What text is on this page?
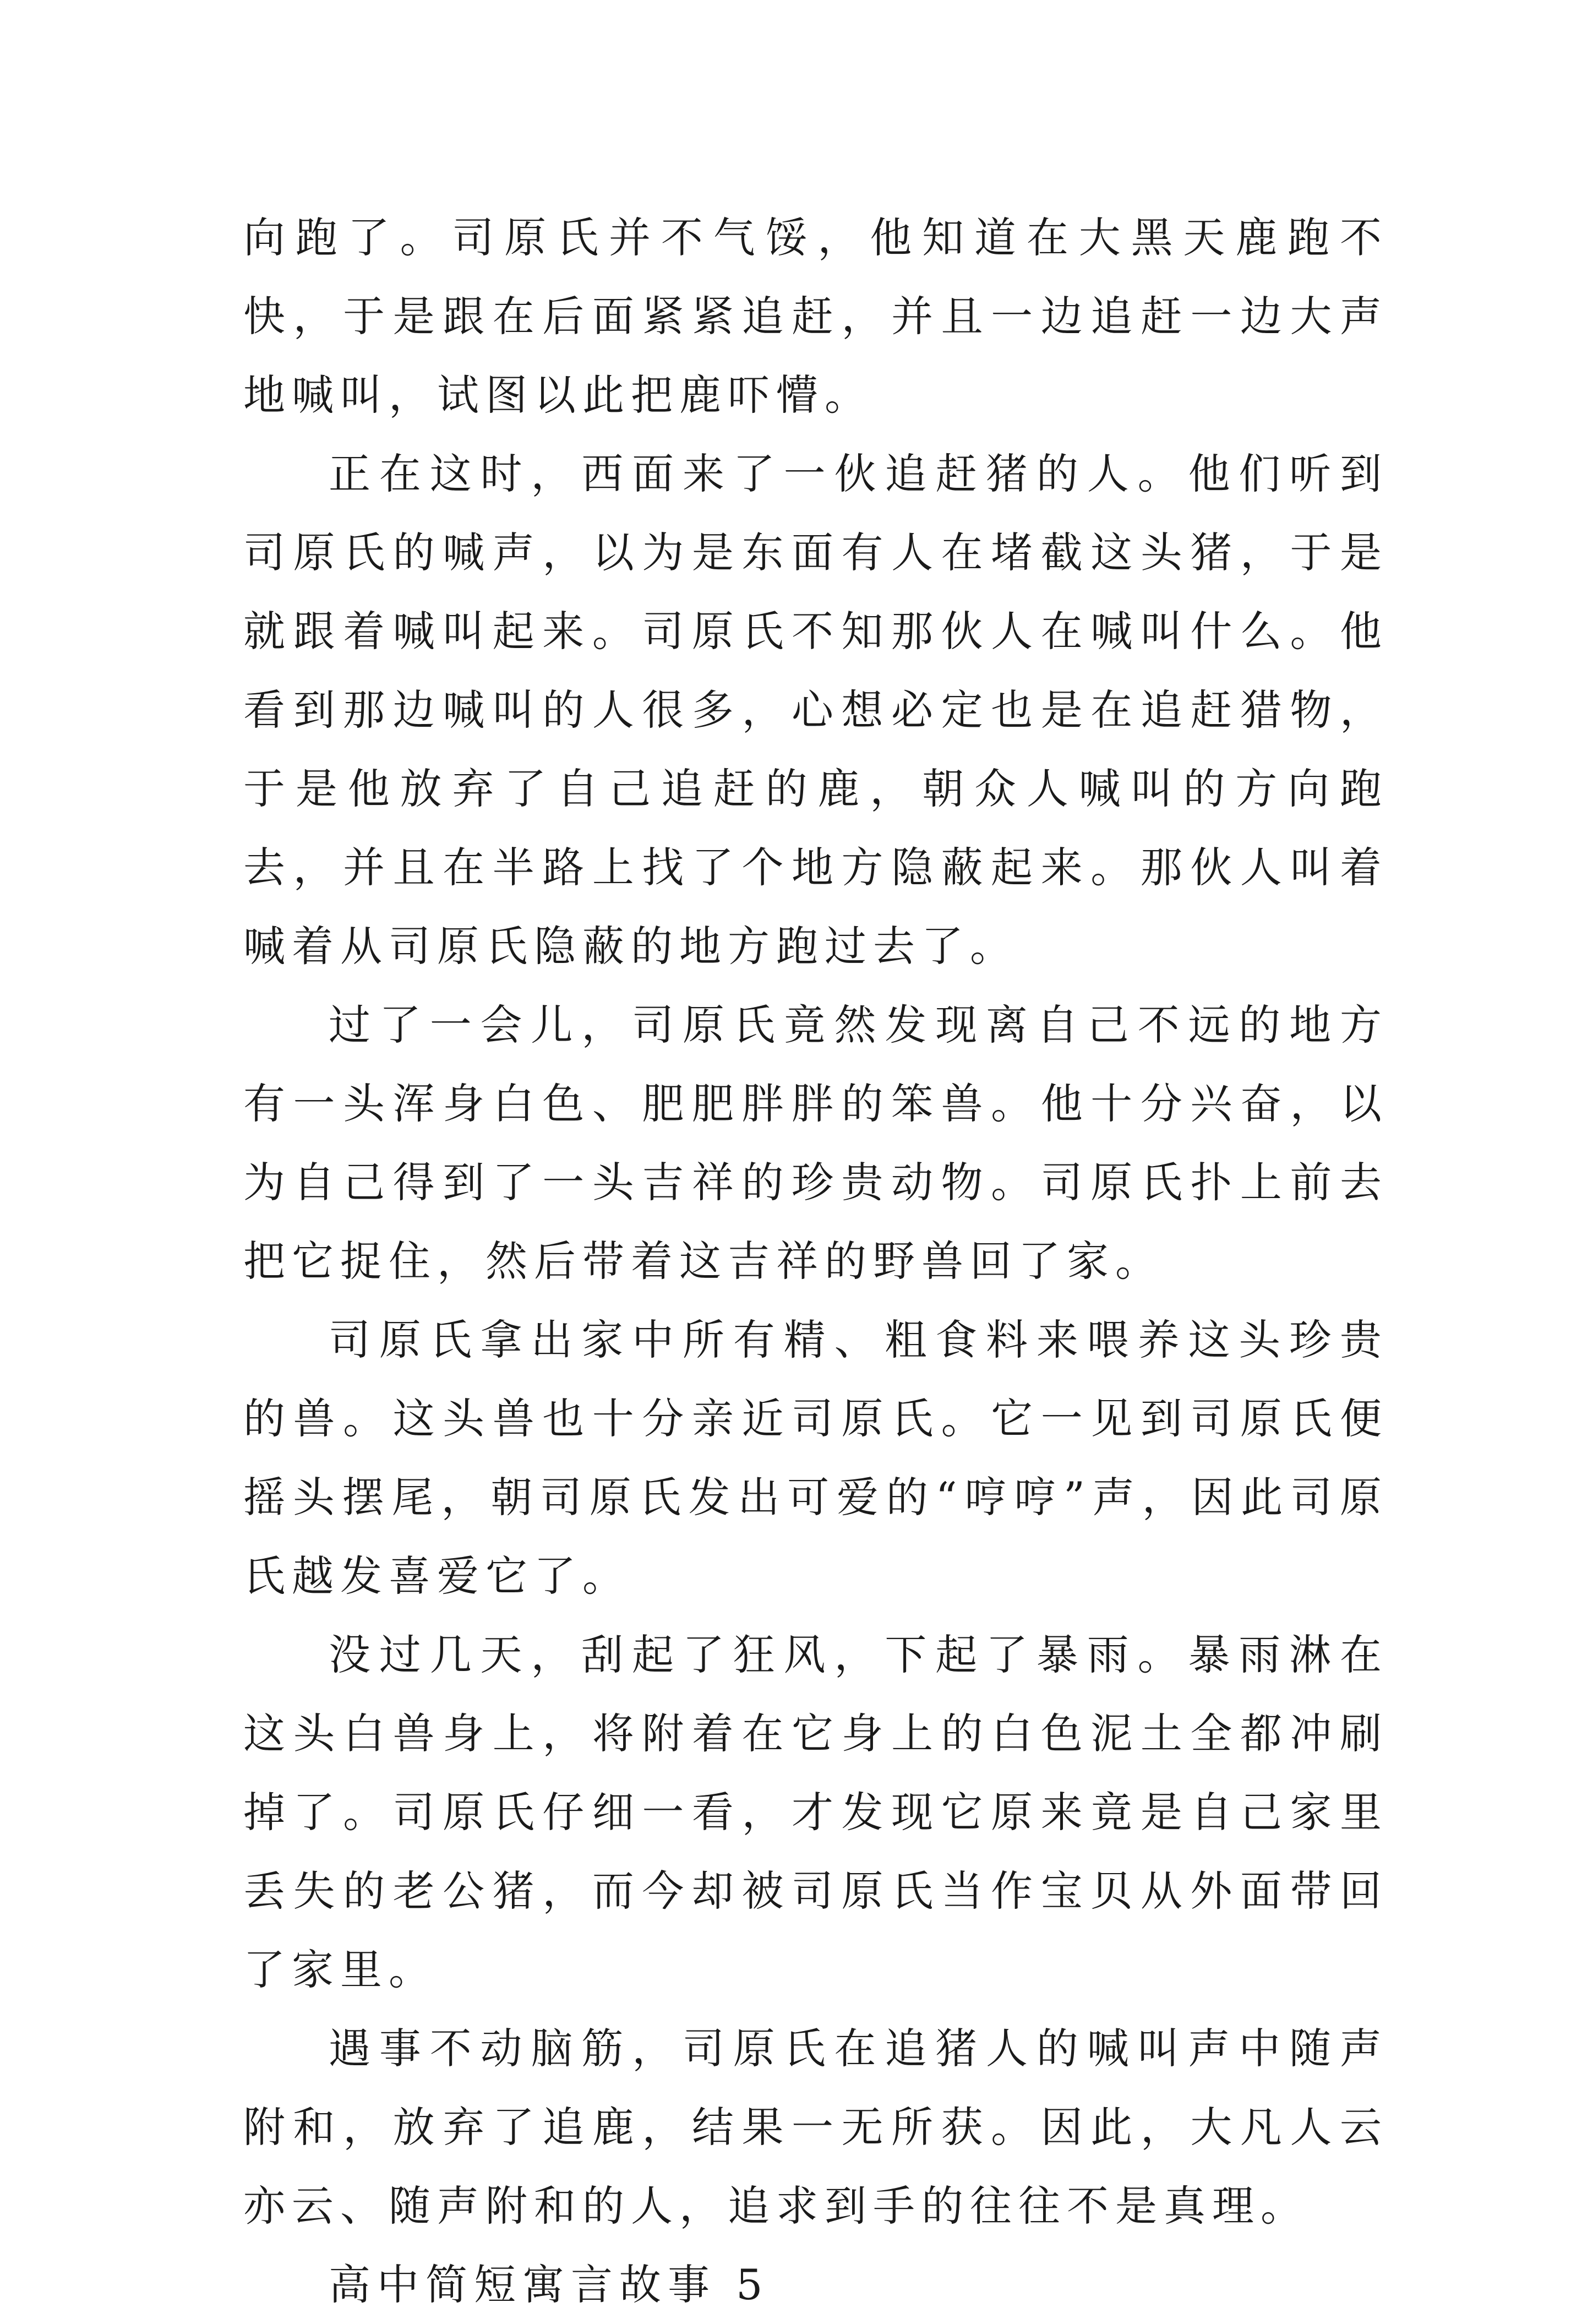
向跑了。司原氏并不气馁，他知道在大黑天鹿跑不快，于是跟在后面紧紧追赶，并且一边追赶一边大声地喊叫，试图以此把鹿吓懵。

正在这时，西面来了一伙追赶猪的人。他们听到司原氏的喊声，以为是东面有人在堵截这头猪，于是就跟着喊叫起来。司原氏不知那伙人在喊叫什么。他看到那边喊叫的人很多，心想必定也是在追赶猎物，于是他放弃了自己追赶的鹿，朝众人喊叫的方向跑去，并且在半路上找了个地方隐蔽起来。那伙人叫着喊着从司原氏隐蔽的地方跑过去了。

过了一会儿，司原氏竟然发现离自己不远的地方有一头浑身白色、肥肥胖胖的笨兽。他十分兴奋，以为自己得到了一头吉祥的珍贵动物。司原氏扑上前去把它捉住，然后带着这吉祥的野兽回了家。

司原氏拿出家中所有精、粗食料来喂养这头珍贵的兽。这头兽也十分亲近司原氏。它一见到司原氏便摇头摆尾，朝司原氏发出可爱的“哼哼”声，因此司原氏越发喜爱它了。

没过几天，刮起了狂风，下起了暴雨。暴雨淋在这头白兽身上，将附着在它身上的白色泥土全都冲刷掉了。司原氏仔细一看，才发现它原来竟是自己家里丢失的老公猪，而今却被司原氏当作宝贝从外面带回了家里。

遇事不动脑筋，司原氏在追猪人的喊叫声中随声附和，放弃了追鹿，结果一无所获。因此，大凡人云亦云、随声附和的人，追求到手的往往不是真理。

高中简短寓言故事 5
